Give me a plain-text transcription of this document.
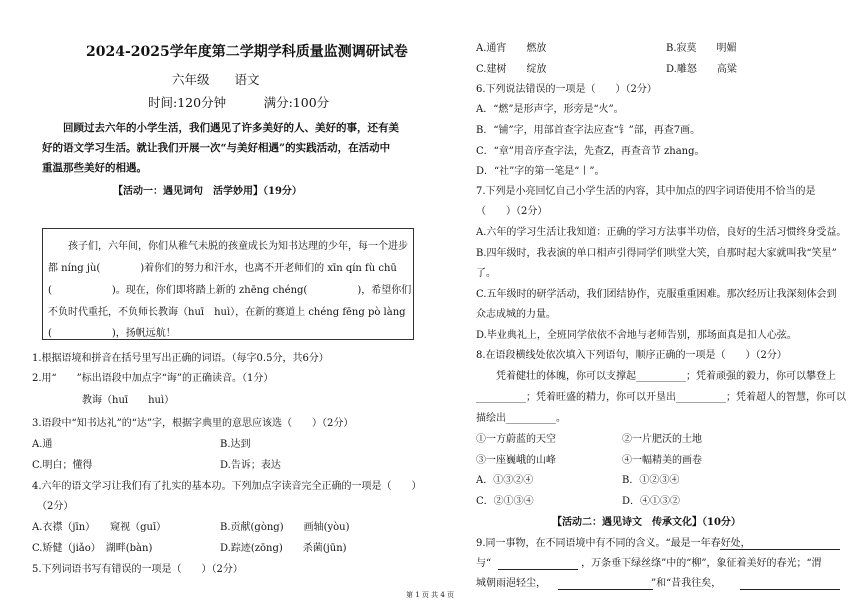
2024-2025学年度第二学期学科质量监测调研试卷
六年级　　语文
时间:120分钟　　　满分:100分
　　回顾过去六年的小学生活，我们遇见了许多美好的人、美好的事，还有美
好的语文学习生活。就让我们开展一次“与美好相遇”的实践活动，在活动中
重温那些美好的相遇。
【活动一：遇见词句　活学妙用】（19分）
　　孩子们，六年间，你们从稚气未脱的孩童成长为知书达理的少年，每一个进步
都 níng jù(　　　　)着你们的努力和汗水，也离不开老师们的 xīn qín fù chū
(　　　　　　)。现在，你们即将踏上新的 zhēng chéng(　　　　　)，希望你们
不负时代重托，不负师长教诲（huī　huì），在新的赛道上 chéng fēng pò làng
(　　　　　　)，扬帆远航！
1.根据语境和拼音在括号里写出正确的词语。（每字0.5分，共6分）
2.用“　　”标出语段中加点字“诲”的正确读音。（1分）
　　　　　教诲（huī　　huì）
3.语段中“知书达礼”的“达”字，根据字典里的意思应该选（　　）（2分）
A.通	B.达到
C.明白；懂得	D.告诉；表达
4.六年的语文学习让我们有了扎实的基本功。下列加点字读音完全正确的一项是（　　）
　（2分）
A.衣襟（jīn）　　窥视（guī）	B.贡献(gòng)　　画轴(yòu)
C.矫健（jiǎo）　湖畔(bàn)	D.踪迹(zōng)　　杀菌(jūn)
5.下列词语书写有错误的一项是（　　）（2分）
A.通宵　　燃放	B.寂莫　　明媚
C.建树　　绽放	D.雕怒　　高粱
6.下列说法错误的一项是（　　）（2分）
A．“燃”是形声字，形旁是“火”。
B．“铺”字，用部首查字法应查“钅”部，再查7画。
C．“章”用音序查字法，先查Z，再查音节 zhang。
D．“社”字的第一笔是“丨”。
7.下列是小亮回忆自己小学生活的内容，其中加点的四字词语使用不恰当的是
（　　）（2分）
A.六年的学习生活让我知道：正确的学习方法事半功倍，良好的生活习惯终身受益。
B.四年级时，我表演的单口相声引得同学们哄堂大笑，自那时起大家就叫我“笑星”
了。
C.五年级时的研学活动，我们团结协作，克服重重困难。那次经历让我深刻体会到
众志成城的力量。
D.毕业典礼上，全班同学依依不舍地与老师告别，那场面真是扣人心弦。
8.在语段横线处依次填入下列语句，顺序正确的一项是（　　）（2分）
　　凭着健壮的体魄，你可以支撑起__________；凭着顽强的毅力，你可以攀登上
__________；凭着旺盛的精力，你可以开垦出__________；凭着超人的智慧，你可以
描绘出__________。
①一方蔚蓝的天空	②一片肥沃的土地
③一座巍峨的山峰	④一幅精美的画卷
A．①③②④	B．①②③④
C．②①③④	D．④①③②
【活动二：遇见诗文　传承文化】（10分）
9.同一事物，在不同语境中有不同的含义。“最是一年春好处，
与“　　　　　　　　　，万条垂下绿丝绦”中的“柳”，象征着美好的春光；“渭
城朝雨浥轻尘，　　　　　　　　　　　”和“昔我往矣，
第 1 页 共 4 页
